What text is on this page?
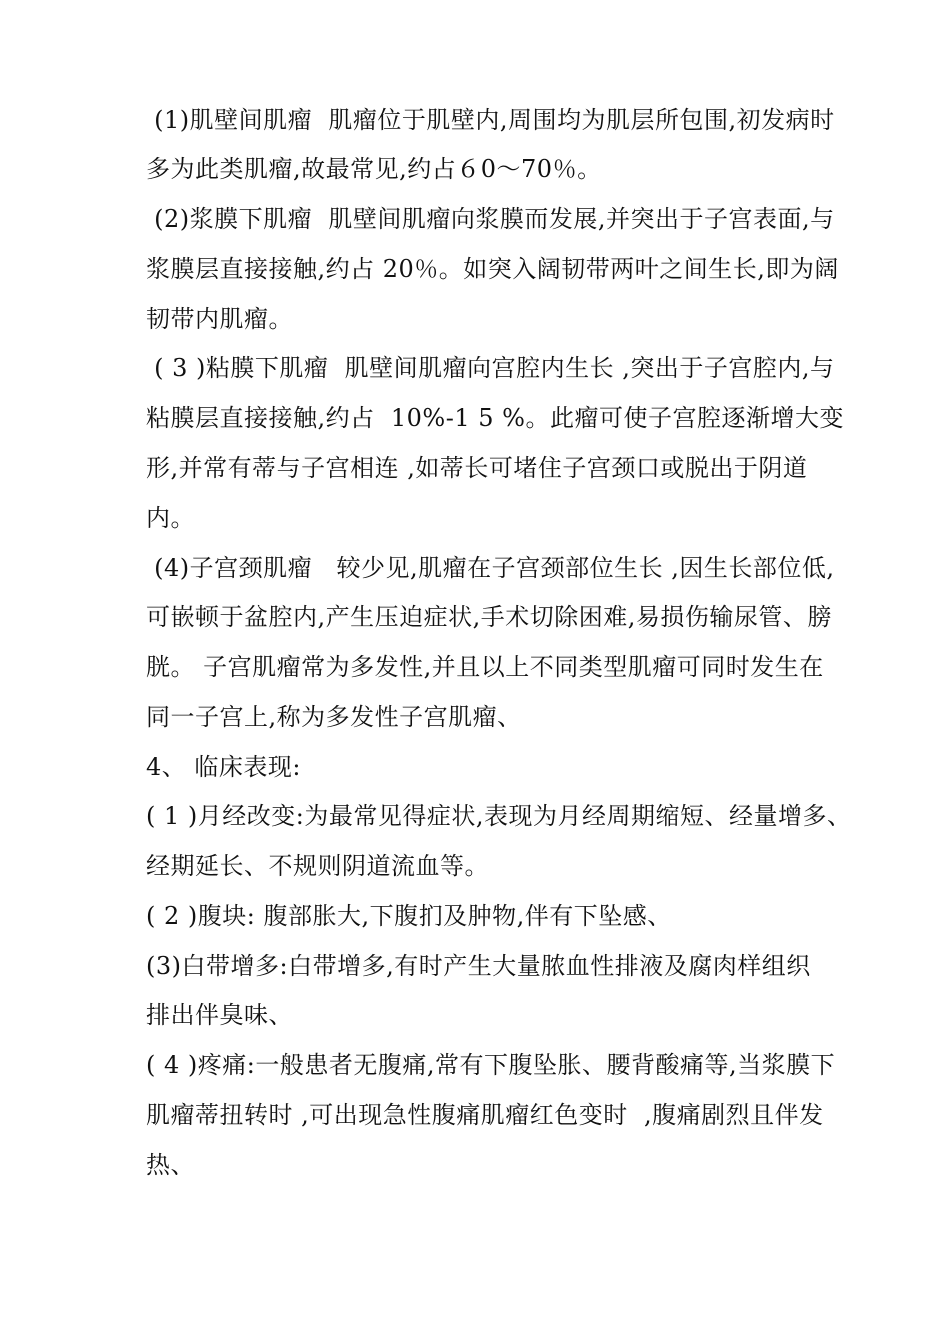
(1)肌壁间肌瘤  肌瘤位于肌壁内,周围均为肌层所包围,初发病时
多为此类肌瘤,故最常见,约占６0～70％。
(2)浆膜下肌瘤  肌壁间肌瘤向浆膜而发展,并突出于子宫表面,与
浆膜层直接接触,约占 20％。如突入阔韧带两叶之间生长,即为阔
韧带内肌瘤。
( 3 )粘膜下肌瘤  肌壁间肌瘤向宫腔内生长 ,突出于子宫腔内,与
粘膜层直接接触,约占  10%-1 5 %。此瘤可使子宫腔逐渐增大变
形,并常有蒂与子宫相连 ,如蒂长可堵住子宫颈口或脱出于阴道
内。
(4)子宫颈肌瘤   较少见,肌瘤在子宫颈部位生长 ,因生长部位低,
可嵌顿于盆腔内,产生压迫症状,手术切除困难,易损伤输尿管、膀
胱。 子宫肌瘤常为多发性,并且以上不同类型肌瘤可同时发生在
同一子宫上,称为多发性子宫肌瘤、
4、 临床表现:
( 1 )月经改变:为最常见得症状,表现为月经周期缩短、经量增多、
经期延长、不规则阴道流血等。
( 2 )腹块: 腹部胀大,下腹扪及肿物,伴有下坠感、
(3)白带增多:白带增多,有时产生大量脓血性排液及腐肉样组织
排出伴臭味、
( 4 )疼痛:一般患者无腹痛,常有下腹坠胀、腰背酸痛等,当浆膜下
肌瘤蒂扭转时 ,可出现急性腹痛肌瘤红色变时  ,腹痛剧烈且伴发
热、
